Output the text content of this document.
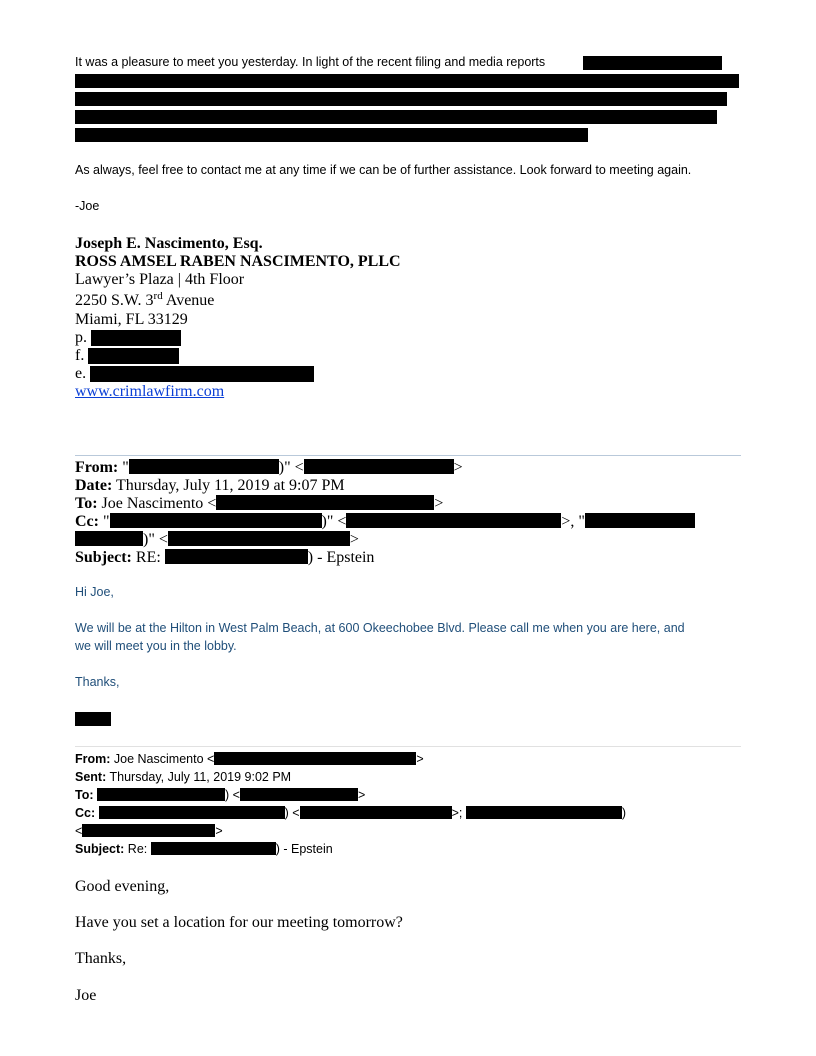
It was a pleasure to meet you yesterday. In light of the recent filing and media reports
As always, feel free to contact me at any time if we can be of further assistance. Look forward to meeting again.
-Joe
Joseph E. Nascimento, Esq.
ROSS AMSEL RABEN NASCIMENTO, PLLC
Lawyer’s Plaza | 4th Floor
2250 S.W. 3rd Avenue
Miami, FL 33129
p.
f.
e.
www.crimlawfirm.com
From: "	)" <	>
Date: Thursday, July 11, 2019 at 9:07 PM
To: Joe Nascimento <	>
Cc: "	)" <	>, "
)" <	>
Subject: RE:	) - Epstein
Hi Joe,
We will be at the Hilton in West Palm Beach, at 600 Okeechobee Blvd. Please call me when you are here, and
we will meet you in the lobby.
Thanks,
From: Joe Nascimento <	>
Sent: Thursday, July 11, 2019 9:02 PM
To:	) <	>
Cc:	) <	>;	)
<	>
Subject: Re:	) - Epstein
Good evening,
Have you set a location for our meeting tomorrow?
Thanks,
Joe
